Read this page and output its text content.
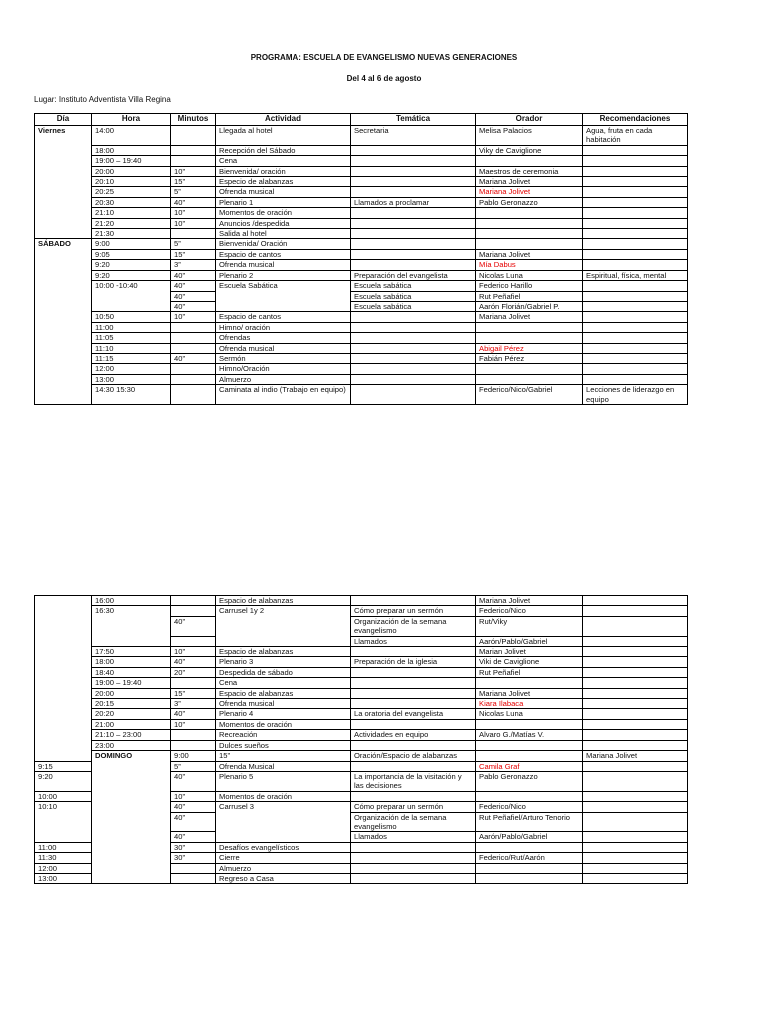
PROGRAMA: ESCUELA DE EVANGELISMO NUEVAS GENERACIONES

Del 4 al 6 de agosto

Lugar: Instituto Adventista Villa Regina

Día	Hora	Minutos	Actividad	Temática	Orador	Recomendaciones
Viernes	14:00		Llegada al hotel	Secretaria	Melisa Palacios	Agua, fruta en cada habitación
	18:00		Recepción del Sábado		Viky de Caviglione	
	19:00 – 19:40		Cena			
	20:00	10”	Bienvenida/ oración		Maestros de ceremonia	
	20:10	15”	Especio de alabanzas		Mariana Jolivet	
	20:25	5”	Ofrenda musical		Mariana Jolivet	
	20:30	40”	Plenario 1	Llamados a proclamar	Pablo Geronazzo	
	21:10	10”	Momentos de oración			
	21:20	10”	Anuncios /despedida			
	21:30		Salida al hotel			
SÁBADO	9:00	5”	Bienvenida/ Oración			
	9:05	15”	Espacio de cantos		Mariana Jolivet	
	9:20	3”	Ofrenda musical		Mía Dabus	
	9:20	40”	Plenario 2	Preparación del evangelista	Nicolas Luna	Espiritual, física, mental
	10:00 -10:40	40”	Escuela Sabática	Escuela sabática	Federico Harillo	
		40”		Escuela sabática	Rut Peñafiel	
		40”		Escuela sabática	Aarón Florián/Gabriel P.	
	10:50	10”	Espacio de cantos		Mariana Jolivet	
	11:00		Himno/ oración			
	11:05		Ofrendas			
	11:10		Ofrenda musical		Abigail Pérez	
	11:15	40”	Sermón		Fabián Pérez	
	12:00		Himno/Oración			
	13:00		Almuerzo			
	14:30 15:30		Caminata al indio (Trabajo en equipo)		Federico/Nico/Gabriel	Lecciones de liderazgo en equipo
	16:00		Espacio de alabanzas		Mariana Jolivet		
	16:30		Carrusel 1y 2	Cómo preparar un sermón	Federico/Nico		
		40”		Organización de la semana evangelismo	Rut/Viky		
				Llamados	Aarón/Pablo/Gabriel		
	17:50	10”	Espacio de alabanzas		Marian Jolivet		
	18:00	40”	Plenario 3	Preparación de la iglesia	Viki de Caviglione		
	18:40	20”	Despedida de sábado		Rut Peñafiel		
	19:00 – 19:40		Cena				
	20:00	15”	Espacio de alabanzas		Mariana Jolivet		
	20:15	3”	Ofrenda musical		Kiara Ilabaca		
	20:20	40”	Plenario 4	La oratoria del evangelista	Nicolas Luna		
	21:00	10”	Momentos de oración				
	21:10 – 23:00		Recreación	Actividades en equipo	Alvaro G./Matías V.		
	23:00		Dulces sueños				
	DOMINGO	9:00	15”	Oración/Espacio de alabanzas		Mariana Jolivet	
9:15		5”	Ofrenda Musical		Camila Graf		
9:20		40”	Plenario 5	La importancia de la visitación y las decisiones	Pablo Geronazzo		
10:00		10”	Momentos de oración				
10:10		40”	Carrusel 3	Cómo preparar un sermón	Federico/Nico		
		40”		Organización de la semana evangelismo	Rut Peñafiel/Arturo Tenorio		
		40”		Llamados	Aarón/Pablo/Gabriel		
11:00		30”	Desafíos evangelísticos				
11:30		30”	Cierre		Federico/Rut/Aarón		
12:00			Almuerzo				
13:00			Regreso a Casa				
